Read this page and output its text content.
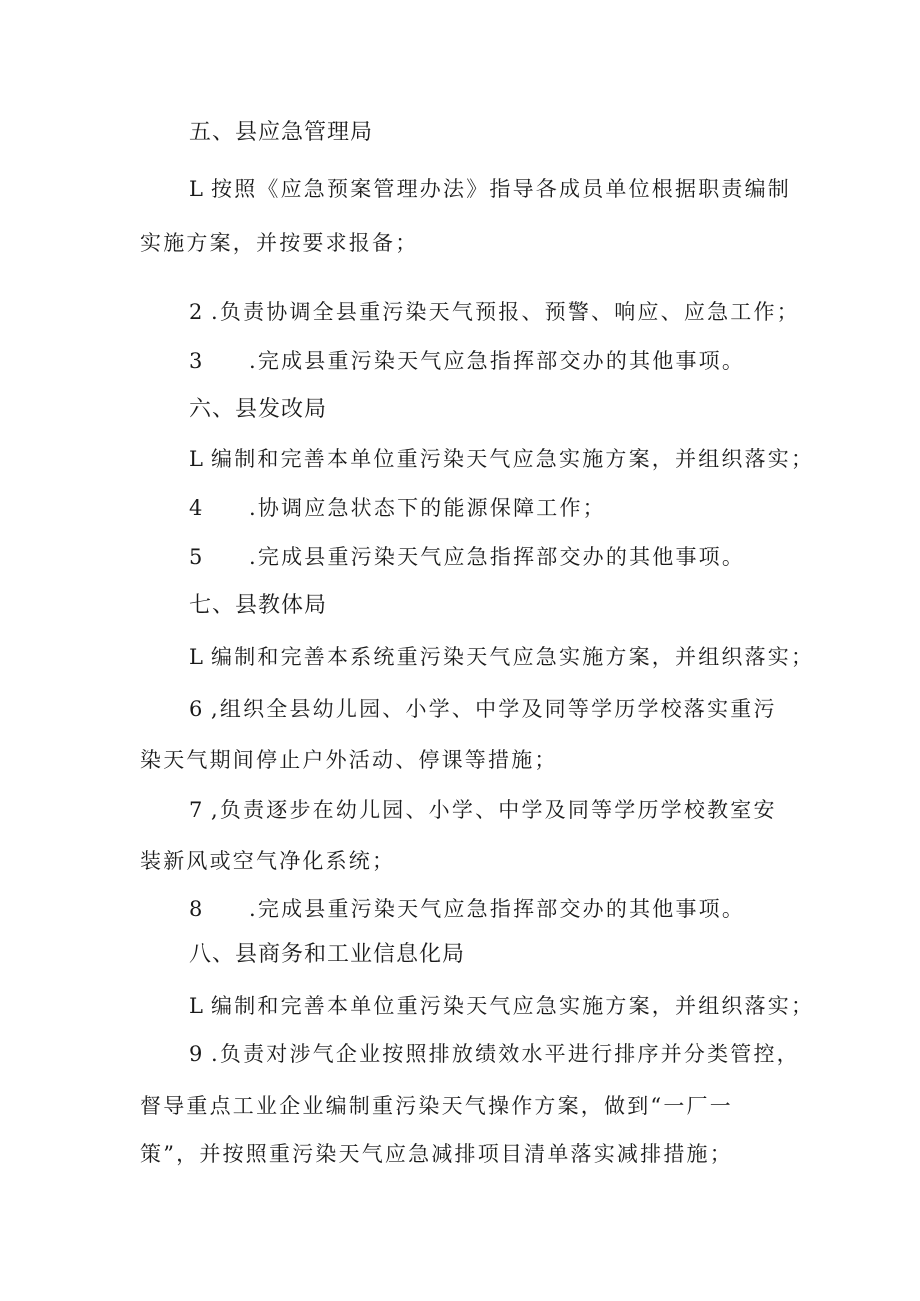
五、县应急管理局
L 按照《应急预案管理办法》指导各成员单位根据职责编制
实施方案，并按要求报备；
2 .负责协调全县重污染天气预报、预警、响应、应急工作；
3 .完成县重污染天气应急指挥部交办的其他事项。
六、县发改局
L 编制和完善本单位重污染天气应急实施方案，并组织落实；
4 .协调应急状态下的能源保障工作；
5 .完成县重污染天气应急指挥部交办的其他事项。
七、县教体局
L 编制和完善本系统重污染天气应急实施方案，并组织落实；
6 ,组织全县幼儿园、小学、中学及同等学历学校落实重污
染天气期间停止户外活动、停课等措施；
7 ,负责逐步在幼儿园、小学、中学及同等学历学校教室安
装新风或空气净化系统；
8 .完成县重污染天气应急指挥部交办的其他事项。
八、县商务和工业信息化局
L 编制和完善本单位重污染天气应急实施方案，并组织落实；
9 .负责对涉气企业按照排放绩效水平进行排序并分类管控，
督导重点工业企业编制重污染天气操作方案，做到“一厂一
策”，并按照重污染天气应急减排项目清单落实减排措施；
